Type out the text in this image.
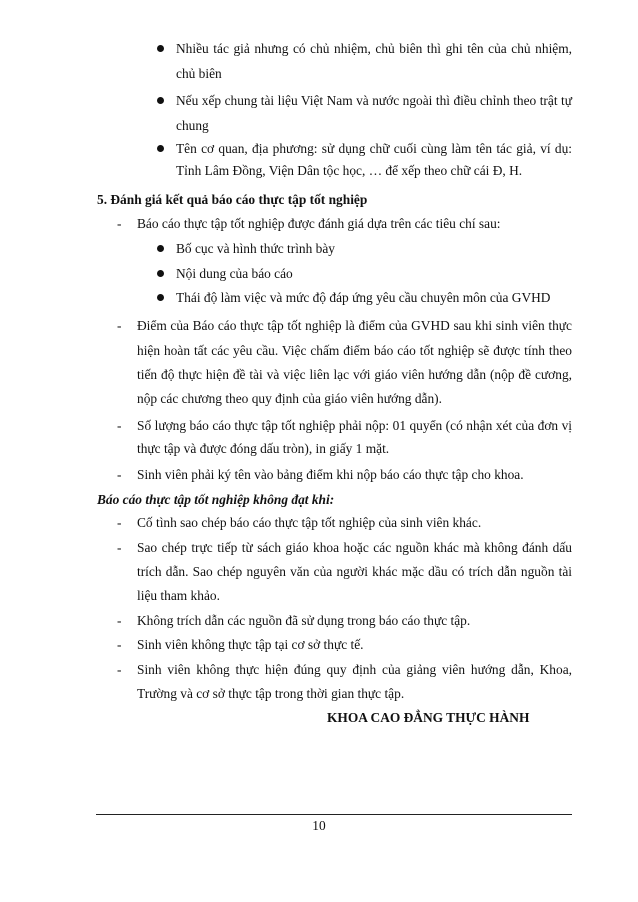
Nhiều tác giả nhưng có chủ nhiệm, chủ biên thì ghi tên của chủ nhiệm,
chủ biên
Nếu xếp chung tài liệu Việt Nam và nước ngoài thì điều chỉnh theo trật tự
chung
Tên cơ quan, địa phương: sử dụng chữ cuối cùng làm tên tác giả, ví dụ:
Tỉnh Lâm Đồng, Viện Dân tộc học, … để xếp theo chữ cái Đ, H.
5. Đánh giá kết quả báo cáo thực tập tốt nghiệp
- Báo cáo thực tập tốt nghiệp được đánh giá dựa trên các tiêu chí sau:
Bố cục và hình thức trình bày
Nội dung của báo cáo
Thái độ làm việc và mức độ đáp ứng yêu cầu chuyên môn của GVHD
- Điểm của Báo cáo thực tập tốt nghiệp là điểm của GVHD sau khi sinh viên thực
hiện hoàn tất các yêu cầu. Việc chấm điểm báo cáo tốt nghiệp sẽ được tính theo
tiến độ thực hiện đề tài và việc liên lạc với giáo viên hướng dẫn (nộp đề cương,
nộp các chương theo quy định của giáo viên hướng dẫn).
- Số lượng báo cáo thực tập tốt nghiệp phải nộp: 01 quyển (có nhận xét của đơn vị
thực tập và được đóng dấu tròn), in giấy 1 mặt.
- Sinh viên phải ký tên vào bảng điểm khi nộp báo cáo thực tập cho khoa.
Báo cáo thực tập tốt nghiệp không đạt khi:
- Cố tình sao chép báo cáo thực tập tốt nghiệp của sinh viên khác.
- Sao chép trực tiếp từ sách giáo khoa hoặc các nguồn khác mà không đánh dấu
trích dẫn. Sao chép nguyên văn của người khác mặc dầu có trích dẫn nguồn tài
liệu tham khảo.
- Không trích dẫn các nguồn đã sử dụng trong báo cáo thực tập.
- Sinh viên không thực tập tại cơ sở thực tế.
- Sinh viên không thực hiện đúng quy định của giảng viên hướng dẫn, Khoa,
Trường và cơ sở thực tập trong thời gian thực tập.
KHOA CAO ĐẲNG THỰC HÀNH
10
